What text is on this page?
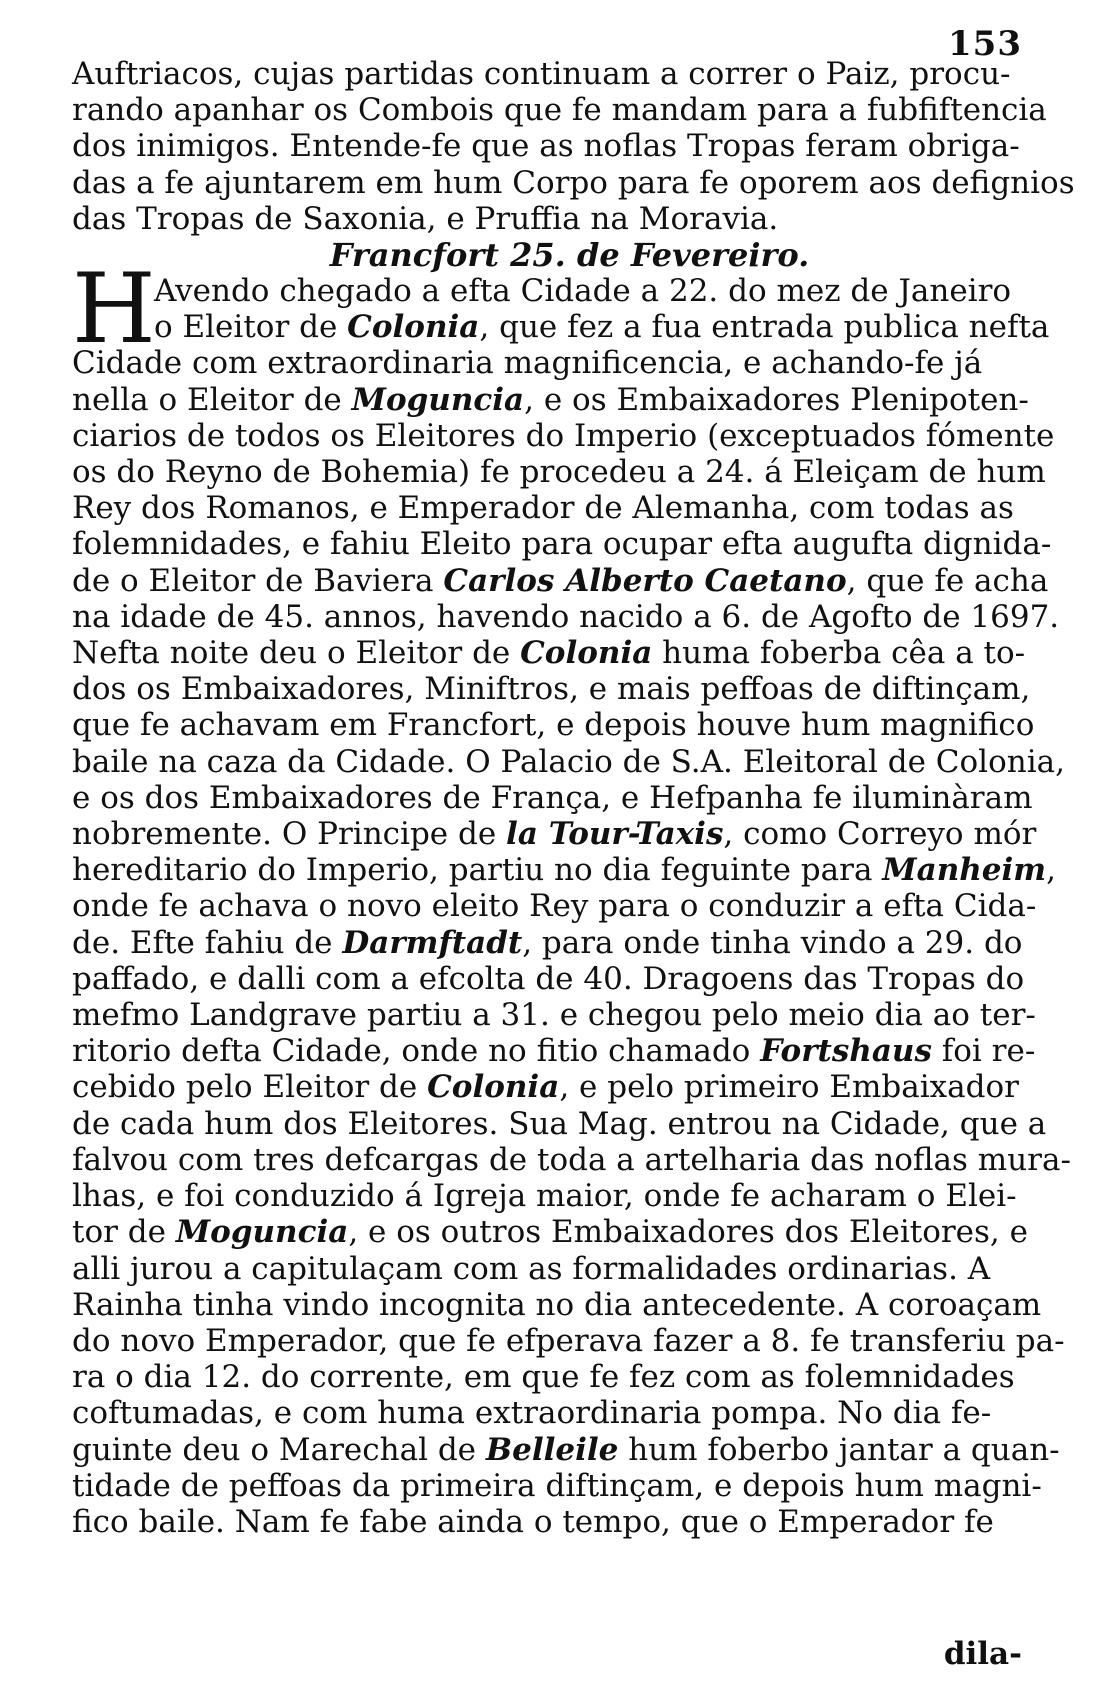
153
Auftriacos, cujas partidas continuam a correr o Paiz, procu-
rando apanhar os Combois que fe mandam para a fubfiftencia
dos inimigos. Entende-fe que as noflas Tropas feram obriga-
das a fe ajuntarem em hum Corpo para fe oporem aos defignios
das Tropas de Saxonia, e Pruffia na Moravia.
Francfort 25. de Fevereiro.
H
Avendo chegado a efta Cidade a 22. do mez de Janeiro
o Eleitor de Colonia, que fez a fua entrada publica nefta
Cidade com extraordinaria magnificencia, e achando-fe já
nella o Eleitor de Moguncia, e os Embaixadores Plenipoten-
ciarios de todos os Eleitores do Imperio (exceptuados fómente
os do Reyno de Bohemia) fe procedeu a 24. á Eleiçam de hum
Rey dos Romanos, e Emperador de Alemanha, com todas as
folemnidades, e fahiu Eleito para ocupar efta augufta dignida-
de o Eleitor de Baviera Carlos Alberto Caetano, que fe acha
na idade de 45. annos, havendo nacido a 6. de Agofto de 1697.
Nefta noite deu o Eleitor de Colonia huma foberba cêa a to-
dos os Embaixadores, Miniftros, e mais peffoas de diftinçam,
que fe achavam em Francfort, e depois houve hum magnifico
baile na caza da Cidade. O Palacio de S.A. Eleitoral de Colonia,
e os dos Embaixadores de França, e Hefpanha fe iluminàram
nobremente. O Principe de la Tour-Taxis, como Correyo mór
hereditario do Imperio, partiu no dia feguinte para Manheim,
onde fe achava o novo eleito Rey para o conduzir a efta Cida-
de. Efte fahiu de Darmftadt, para onde tinha vindo a 29. do
paffado, e dalli com a efcolta de 40. Dragoens das Tropas do
mefmo Landgrave partiu a 31. e chegou pelo meio dia ao ter-
ritorio defta Cidade, onde no fitio chamado Fortshaus foi re-
cebido pelo Eleitor de Colonia, e pelo primeiro Embaixador
de cada hum dos Eleitores. Sua Mag. entrou na Cidade, que a
falvou com tres defcargas de toda a artelharia das noflas mura-
lhas, e foi conduzido á Igreja maior, onde fe acharam o Elei-
tor de Moguncia, e os outros Embaixadores dos Eleitores, e
alli jurou a capitulaçam com as formalidades ordinarias. A
Rainha tinha vindo incognita no dia antecedente. A coroaçam
do novo Emperador, que fe efperava fazer a 8. fe transferiu pa-
ra o dia 12. do corrente, em que fe fez com as folemnidades
coftumadas, e com huma extraordinaria pompa. No dia fe-
guinte deu o Marechal de Belleile hum foberbo jantar a quan-
tidade de peffoas da primeira diftinçam, e depois hum magni-
fico baile. Nam fe fabe ainda o tempo, que o Emperador fe
dila-
